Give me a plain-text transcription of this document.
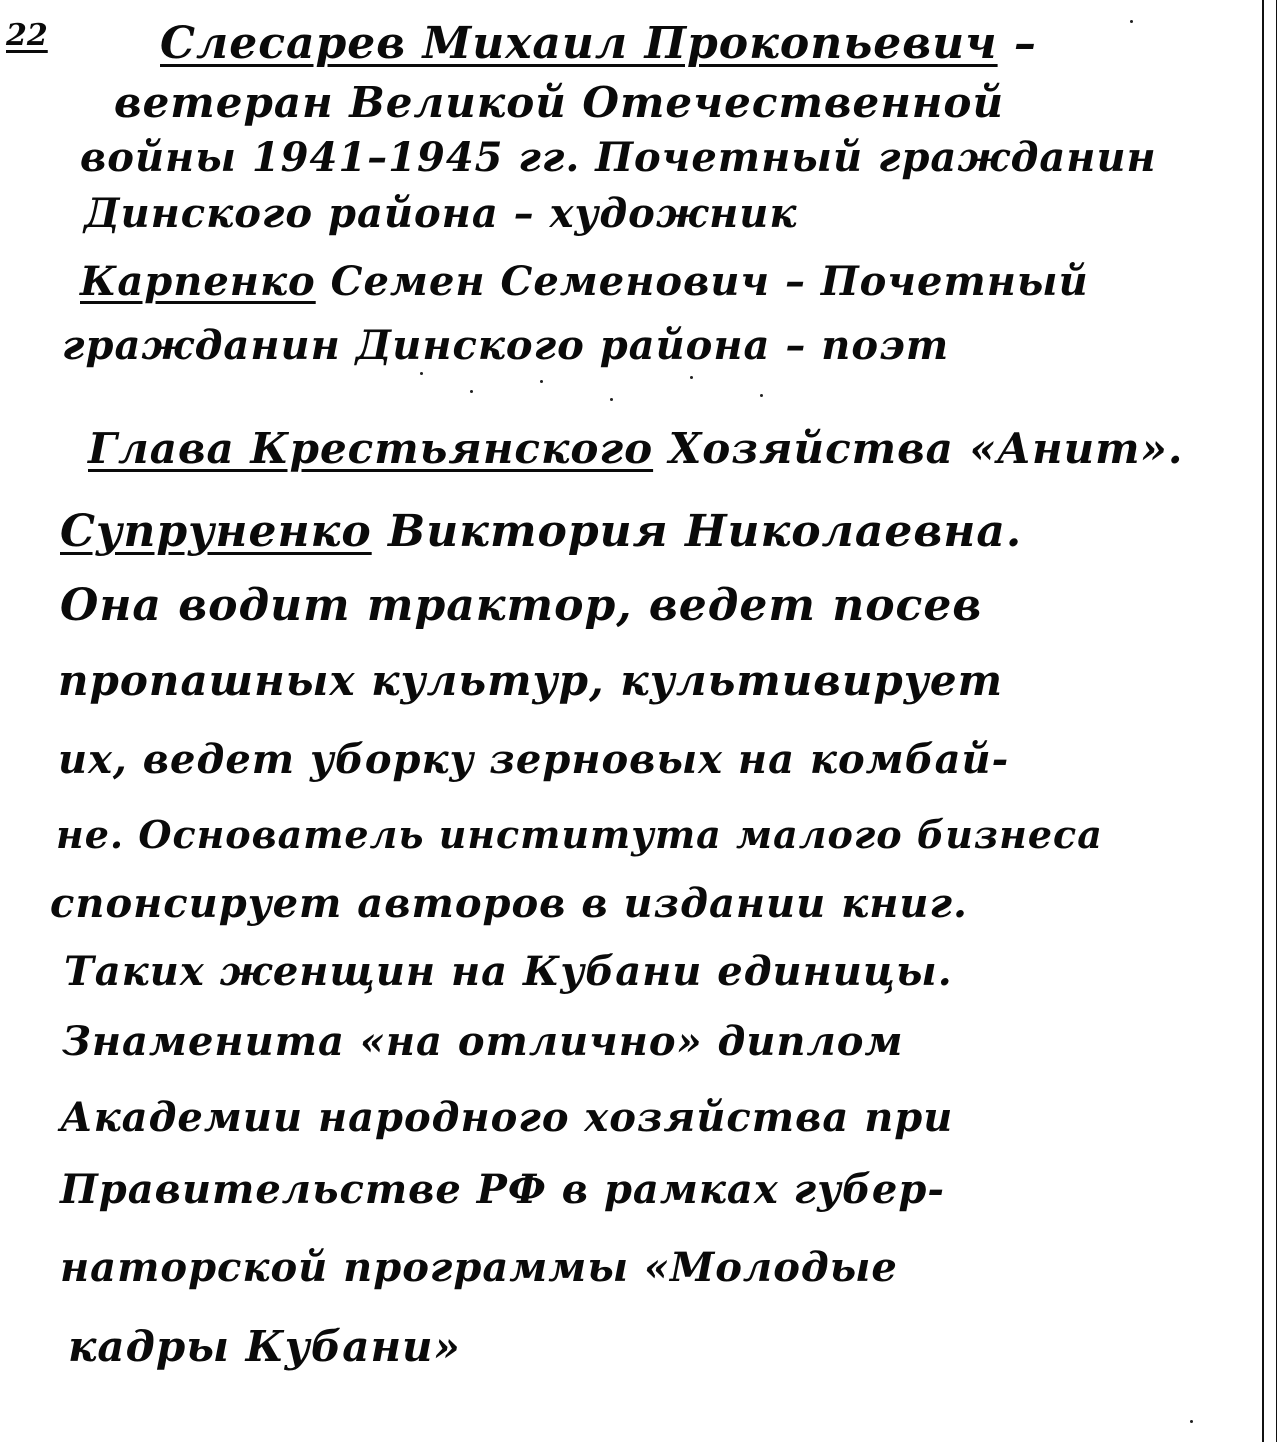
22	Слесарев Михаил Прокопьевич –
ветеран Великой Отечественной
войны 1941–1945 гг. Почетный гражданин
Динского района – художник
Карпенко Семен Семенович – Почетный
гражданин Динского района – поэт
Глава Крестьянского Хозяйства «Анит».
Супруненко Виктория Николаевна.
Она водит трактор, ведет посев
пропашных культур, культивирует
их, ведет уборку зерновых на комбай-
не. Основатель института малого бизнеса
спонсирует авторов в издании книг.
Таких женщин на Кубани единицы.
Знаменита «на отлично» диплом
Академии народного хозяйства при
Правительстве РФ в рамках губер-
наторской программы «Молодые
кадры Кубани»
